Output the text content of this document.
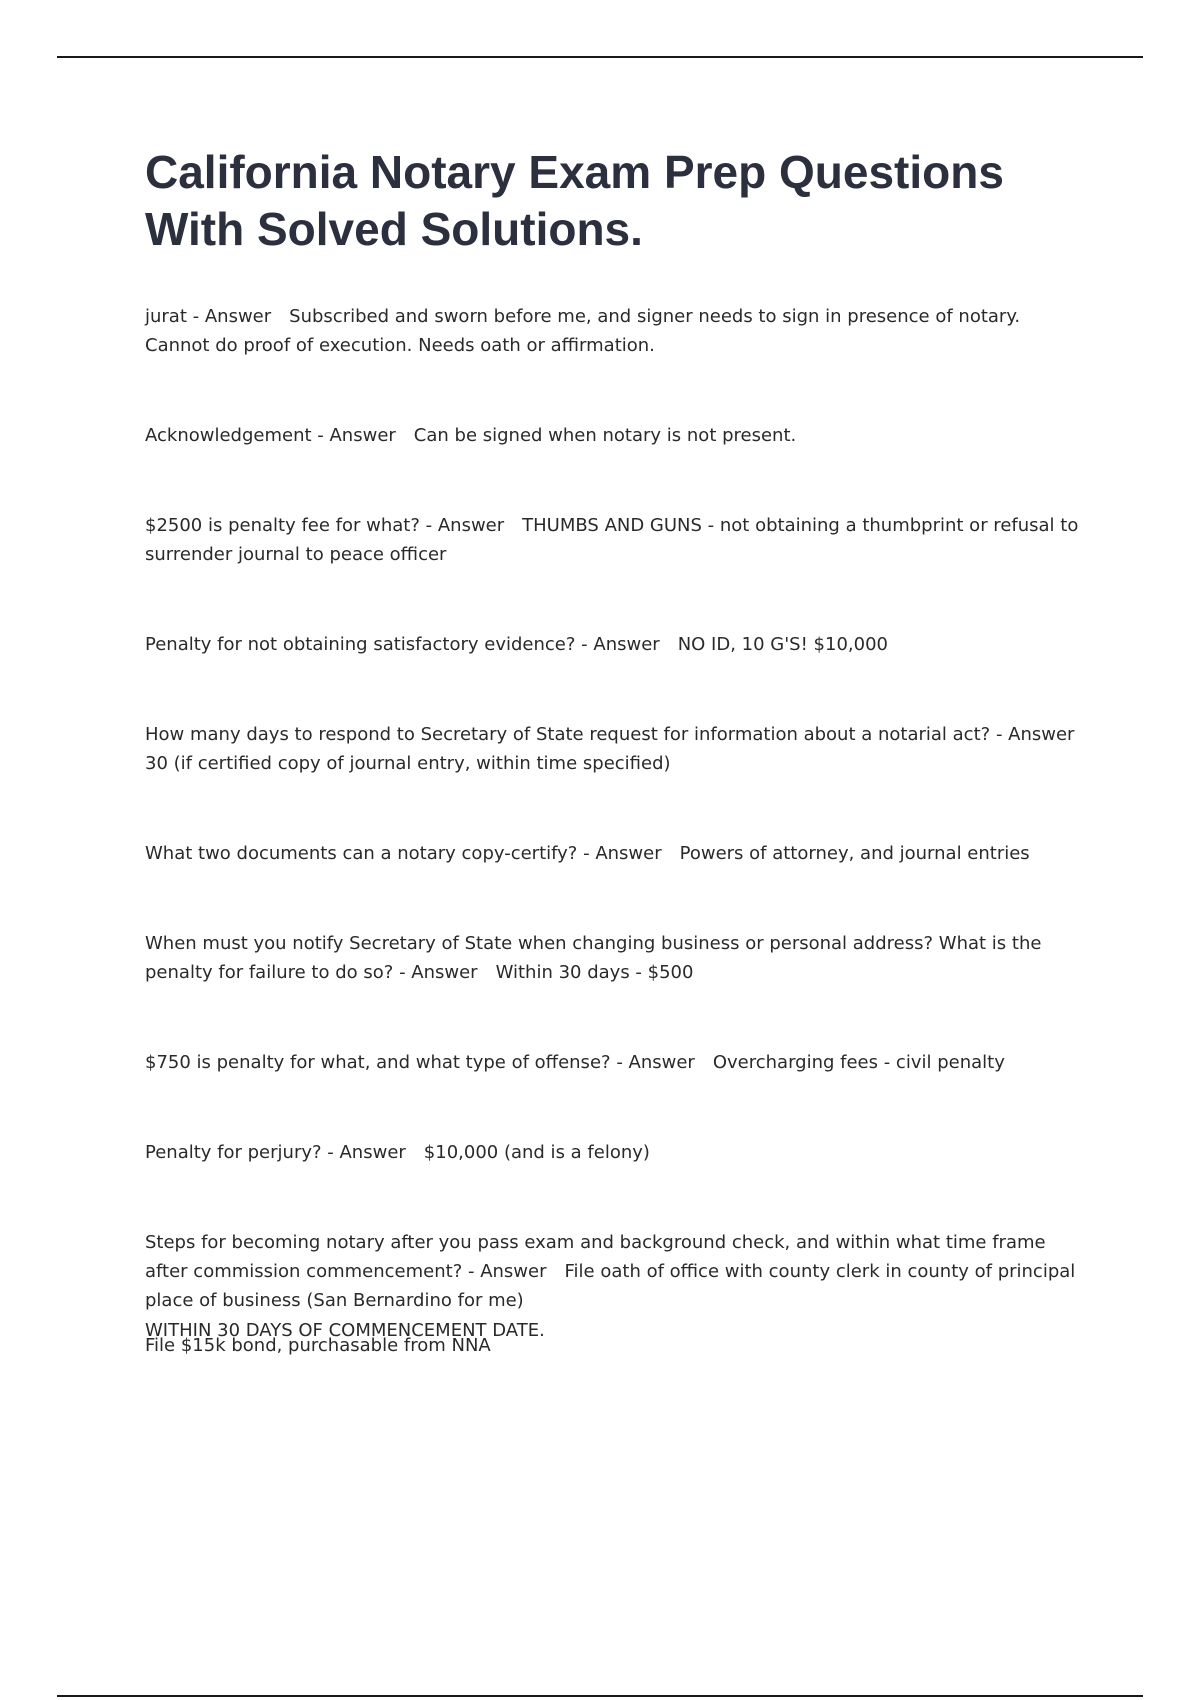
California Notary Exam Prep Questions
With Solved Solutions.
jurat - Answer Subscribed and sworn before me, and signer needs to sign in presence of notary. Cannot do proof of execution. Needs oath or affirmation.
Acknowledgement - Answer Can be signed when notary is not present.
$2500 is penalty fee for what? - Answer THUMBS AND GUNS - not obtaining a thumbprint or refusal to surrender journal to peace officer
Penalty for not obtaining satisfactory evidence? - Answer NO ID, 10 G'S! $10,000
How many days to respond to Secretary of State request for information about a notarial act? - Answer 30 (if certified copy of journal entry, within time specified)
What two documents can a notary copy-certify? - Answer Powers of attorney, and journal entries
When must you notify Secretary of State when changing business or personal address? What is the penalty for failure to do so? - Answer Within 30 days - $500
$750 is penalty for what, and what type of offense? - Answer Overcharging fees - civil penalty
Penalty for perjury? - Answer $10,000 (and is a felony)
Steps for becoming notary after you pass exam and background check, and within what time frame after commission commencement? - Answer File oath of office with county clerk in county of principal place of business (San Bernardino for me)
File $15k bond, purchasable from NNA
WITHIN 30 DAYS OF COMMENCEMENT DATE.
